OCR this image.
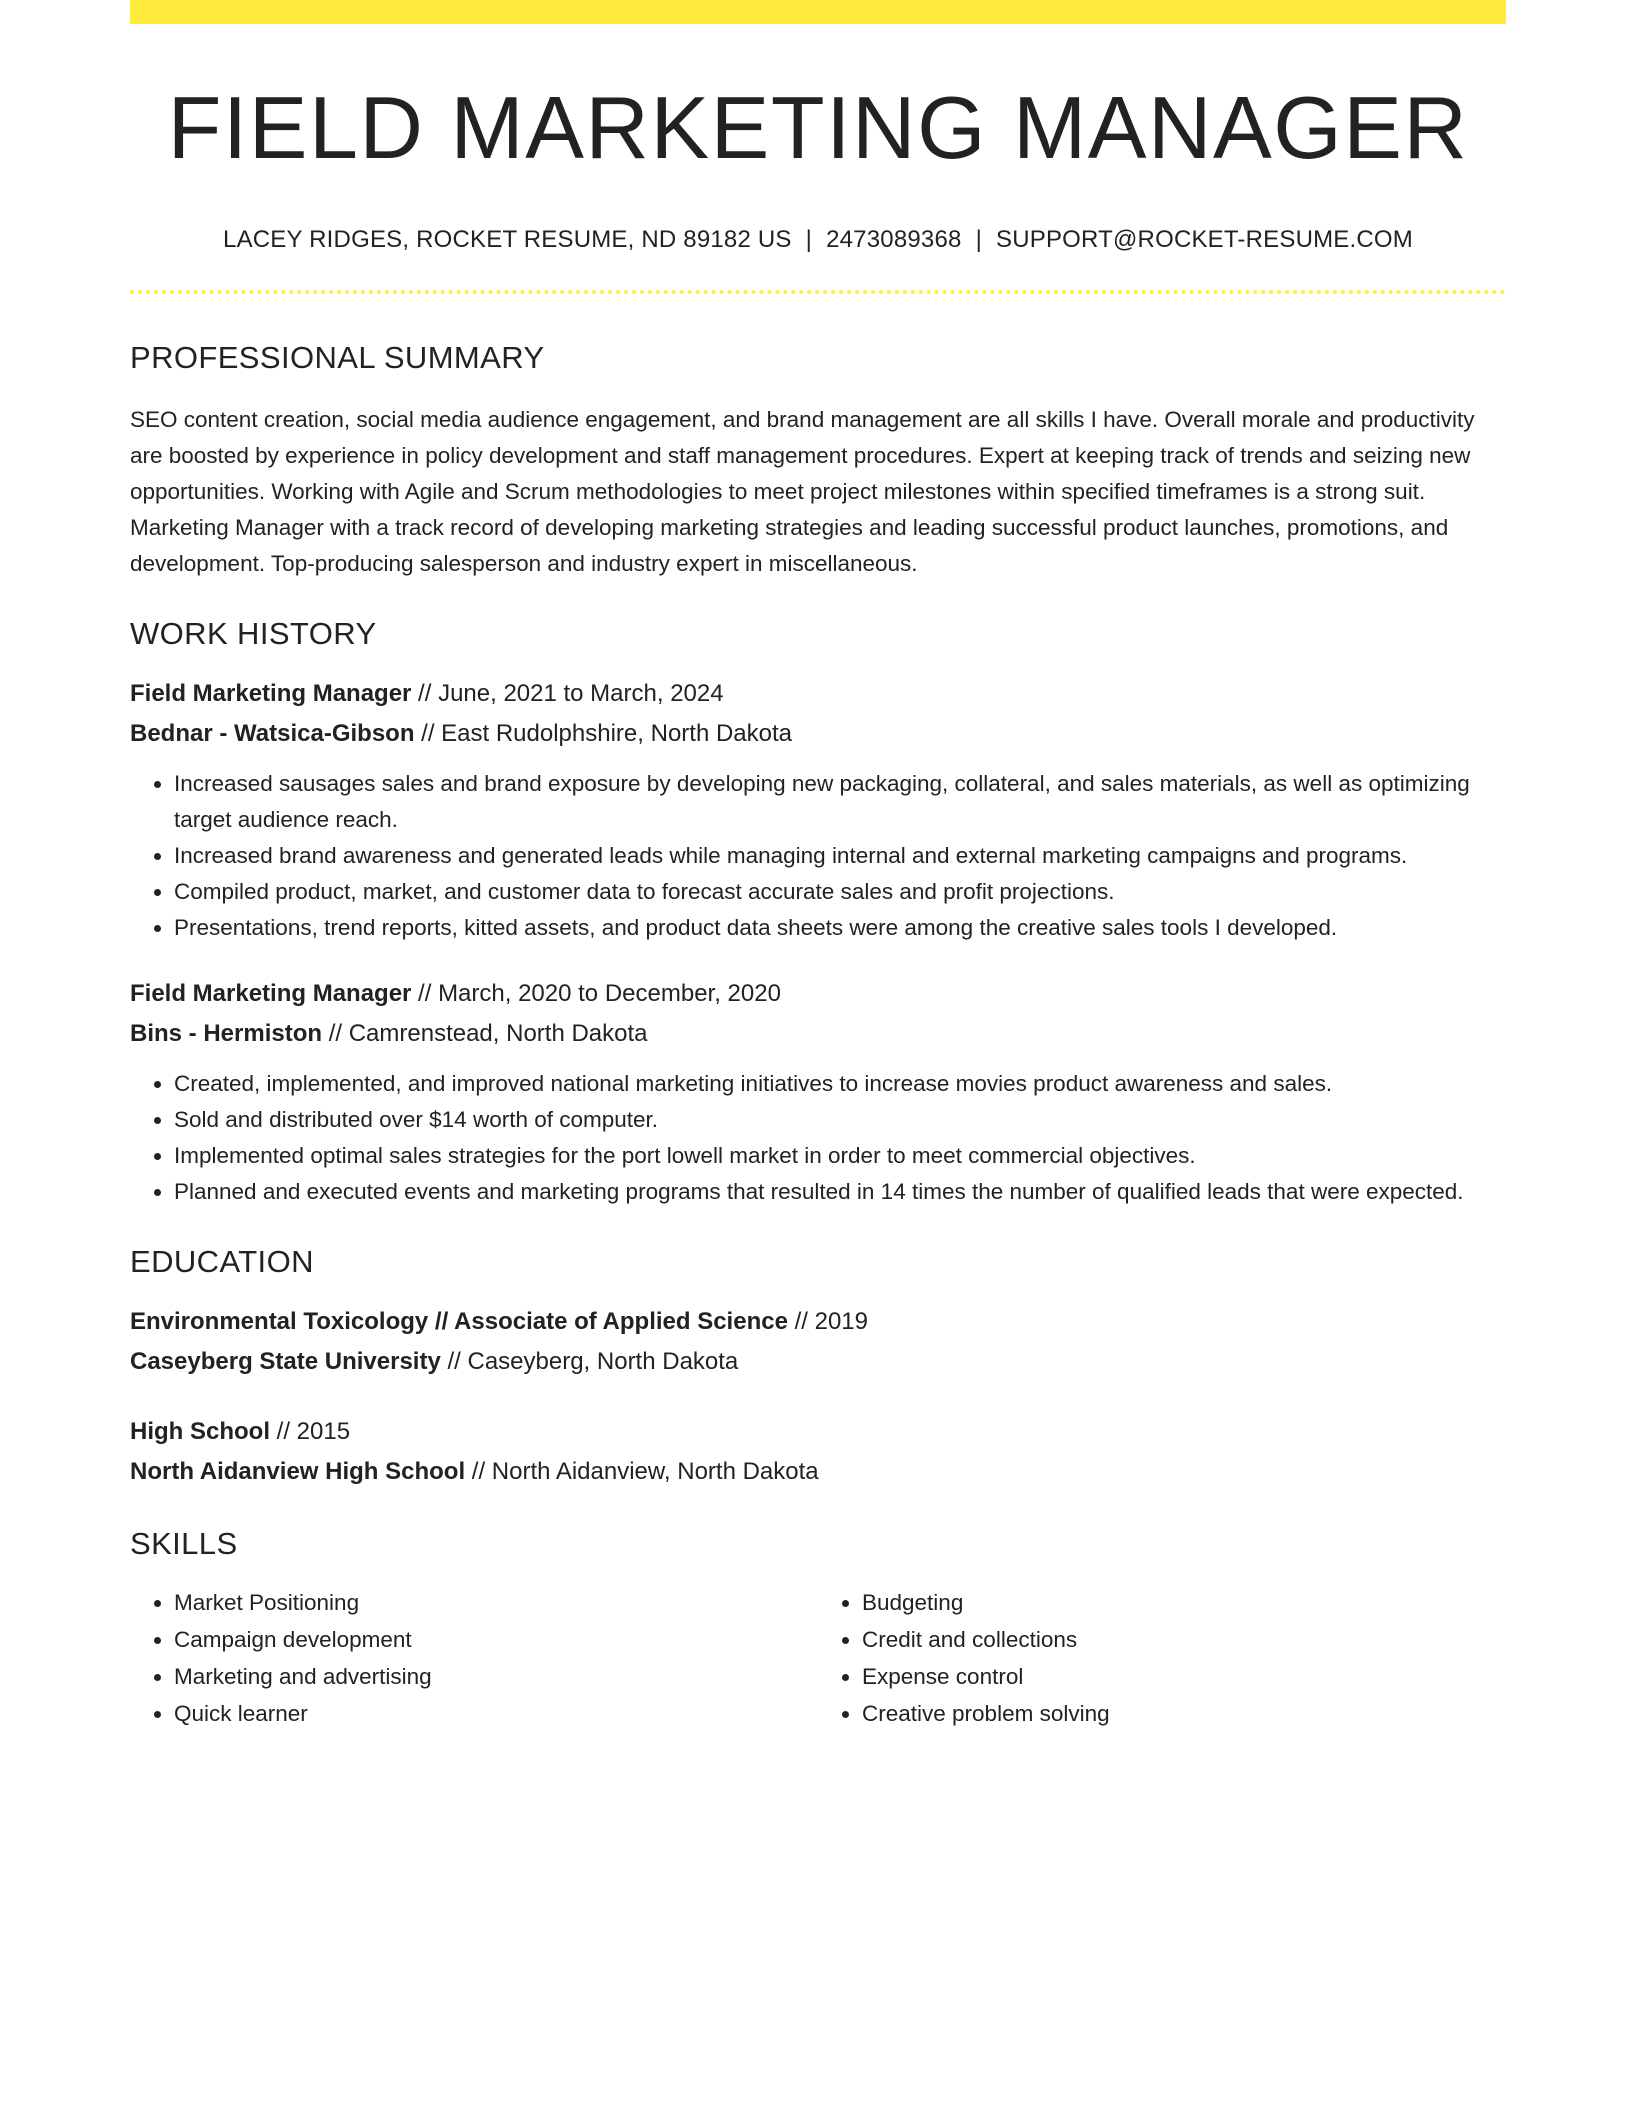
FIELD MARKETING MANAGER
LACEY RIDGES, ROCKET RESUME, ND 89182 US | 2473089368 | SUPPORT@ROCKET-RESUME.COM
PROFESSIONAL SUMMARY
SEO content creation, social media audience engagement, and brand management are all skills I have. Overall morale and productivity are boosted by experience in policy development and staff management procedures. Expert at keeping track of trends and seizing new opportunities. Working with Agile and Scrum methodologies to meet project milestones within specified timeframes is a strong suit. Marketing Manager with a track record of developing marketing strategies and leading successful product launches, promotions, and development. Top-producing salesperson and industry expert in miscellaneous.
WORK HISTORY
Field Marketing Manager // June, 2021 to March, 2024
Bednar - Watsica-Gibson // East Rudolphshire, North Dakota
• Increased sausages sales and brand exposure by developing new packaging, collateral, and sales materials, as well as optimizing target audience reach.
• Increased brand awareness and generated leads while managing internal and external marketing campaigns and programs.
• Compiled product, market, and customer data to forecast accurate sales and profit projections.
• Presentations, trend reports, kitted assets, and product data sheets were among the creative sales tools I developed.
Field Marketing Manager // March, 2020 to December, 2020
Bins - Hermiston // Camrenstead, North Dakota
• Created, implemented, and improved national marketing initiatives to increase movies product awareness and sales.
• Sold and distributed over $14 worth of computer.
• Implemented optimal sales strategies for the port lowell market in order to meet commercial objectives.
• Planned and executed events and marketing programs that resulted in 14 times the number of qualified leads that were expected.
EDUCATION
Environmental Toxicology // Associate of Applied Science // 2019
Caseyberg State University // Caseyberg, North Dakota
High School // 2015
North Aidanview High School // North Aidanview, North Dakota
SKILLS
• Market Positioning
• Campaign development
• Marketing and advertising
• Quick learner
• Budgeting
• Credit and collections
• Expense control
• Creative problem solving
